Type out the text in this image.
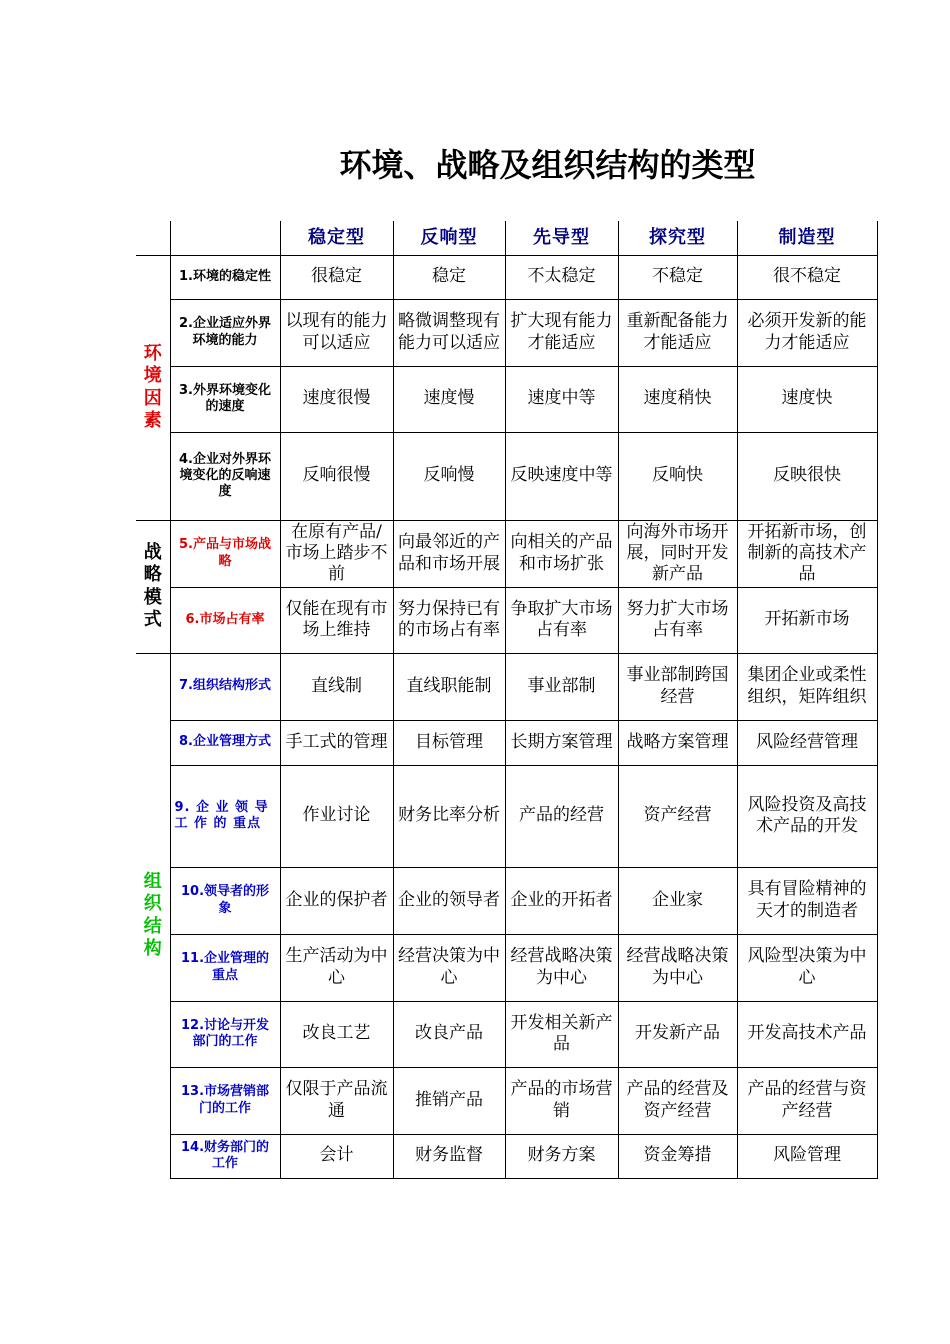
环境、战略及组织结构的类型
		稳定型	反响型	先导型	探究型	制造型

环境因素	1.环境的稳定性	很稳定	稳定	不太稳定	不稳定	很不稳定
	2.企业适应外界环境的能力	以现有的能力可以适应	略微调整现有能力可以适应	扩大现有能力才能适应	重新配备能力才能适应	必须开发新的能力才能适应
	3.外界环境变化的速度	速度很慢	速度慢	速度中等	速度稍快	速度快
	4.企业对外界环境变化的反响速度	反响很慢	反响慢	反映速度中等	反响快	反映很快

战略模式	5.产品与市场战略	在原有产品/市场上踏步不前	向最邻近的产品和市场开展	向相关的产品和市场扩张	向海外市场开展，同时开发新产品	开拓新市场，创制新的高技术产品
	6.市场占有率	仅能在现有市场上维持	努力保持已有的市场占有率	争取扩大市场占有率	努力扩大市场占有率	开拓新市场

组织结构	7.组织结构形式	直线制	直线职能制	事业部制	事业部制跨国经营	集团企业或柔性组织，矩阵组织
	8.企业管理方式	手工式的管理	目标管理	长期方案管理	战略方案管理	风险经营管理
	9. 企 业 领 导 工 作 的 重点	作业讨论	财务比率分析	产品的经营	资产经营	风险投资及高技术产品的开发
	10.领导者的形象	企业的保护者	企业的领导者	企业的开拓者	企业家	具有冒险精神的天才的制造者
	11.企业管理的重点	生产活动为中心	经营决策为中心	经营战略决策为中心	经营战略决策为中心	风险型决策为中心
	12.讨论与开发部门的工作	改良工艺	改良产品	开发相关新产品	开发新产品	开发高技术产品
	13.市场营销部门的工作	仅限于产品流通	推销产品	产品的市场营销	产品的经营及资产经营	产品的经营与资产经营
	14.财务部门的工作	会计	财务监督	财务方案	资金筹措	风险管理
